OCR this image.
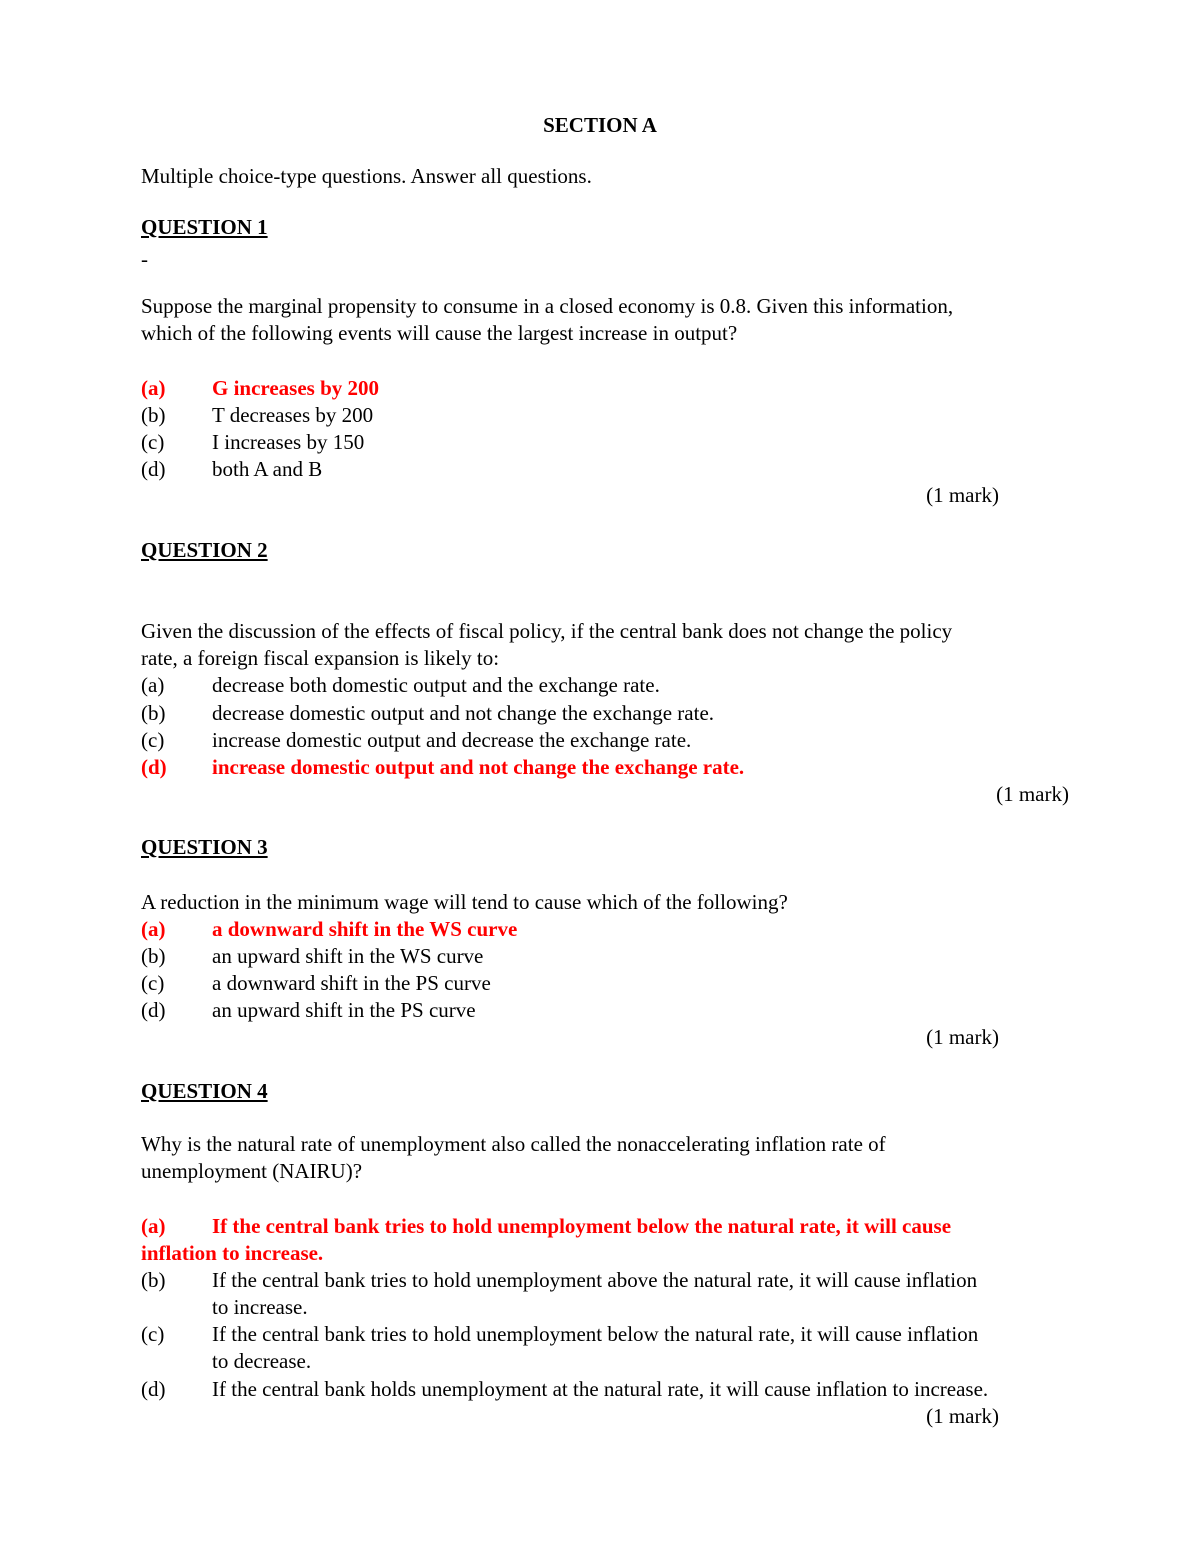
SECTION A
Multiple choice-type questions. Answer all questions.
QUESTION 1
-
Suppose the marginal propensity to consume in a closed economy is 0.8. Given this information,
which of the following events will cause the largest increase in output?
(a) G increases by 200
(b) T decreases by 200
(c) I increases by 150
(d) both A and B
(1 mark)
QUESTION 2
Given the discussion of the effects of fiscal policy, if the central bank does not change the policy
rate, a foreign fiscal expansion is likely to:
(a) decrease both domestic output and the exchange rate.
(b) decrease domestic output and not change the exchange rate.
(c) increase domestic output and decrease the exchange rate.
(d) increase domestic output and not change the exchange rate.
(1 mark)
QUESTION 3
A reduction in the minimum wage will tend to cause which of the following?
(a) a downward shift in the WS curve
(b) an upward shift in the WS curve
(c) a downward shift in the PS curve
(d) an upward shift in the PS curve
(1 mark)
QUESTION 4
Why is the natural rate of unemployment also called the nonaccelerating inflation rate of
unemployment (NAIRU)?
(a) If the central bank tries to hold unemployment below the natural rate, it will cause
inflation to increase.
(b) If the central bank tries to hold unemployment above the natural rate, it will cause inflation
to increase.
(c) If the central bank tries to hold unemployment below the natural rate, it will cause inflation
to decrease.
(d) If the central bank holds unemployment at the natural rate, it will cause inflation to increase.
(1 mark)
